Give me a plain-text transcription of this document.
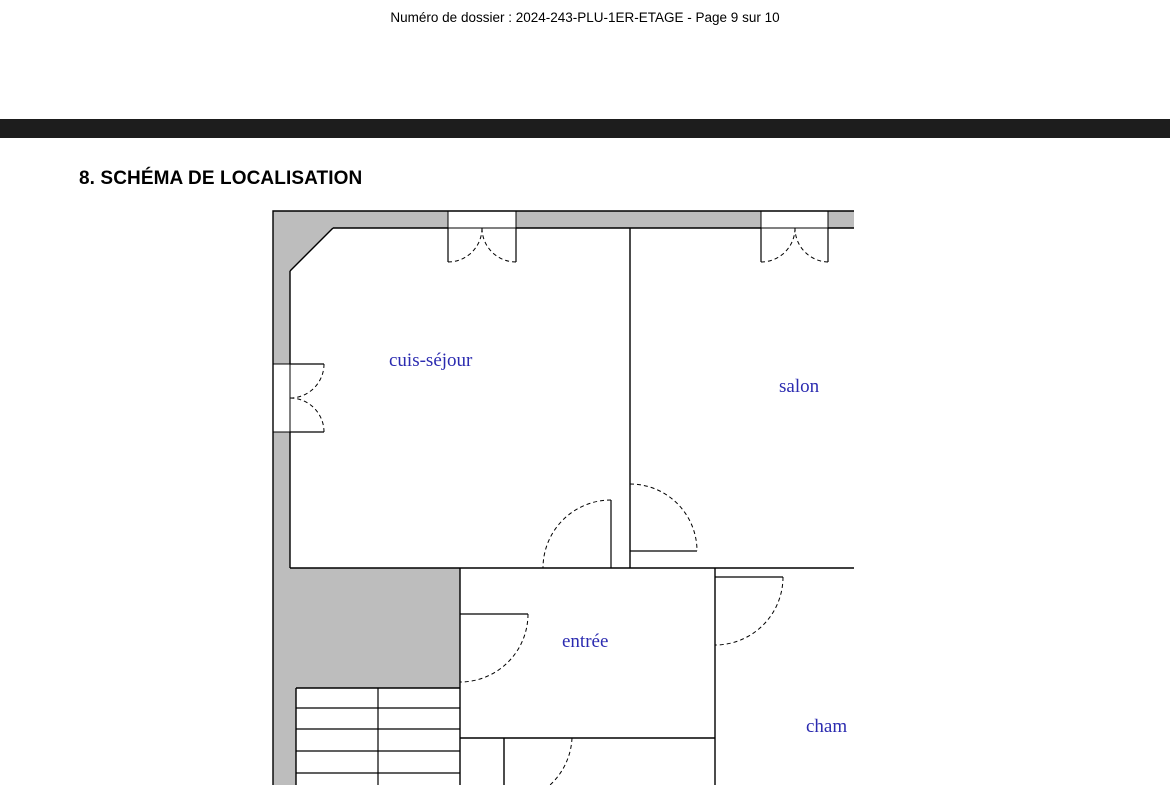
Numéro de dossier : 2024-243-PLU-1ER-ETAGE - Page 9 sur 10
8. SCHÉMA DE LOCALISATION
cuis-séjour
salon
entrée
cham
